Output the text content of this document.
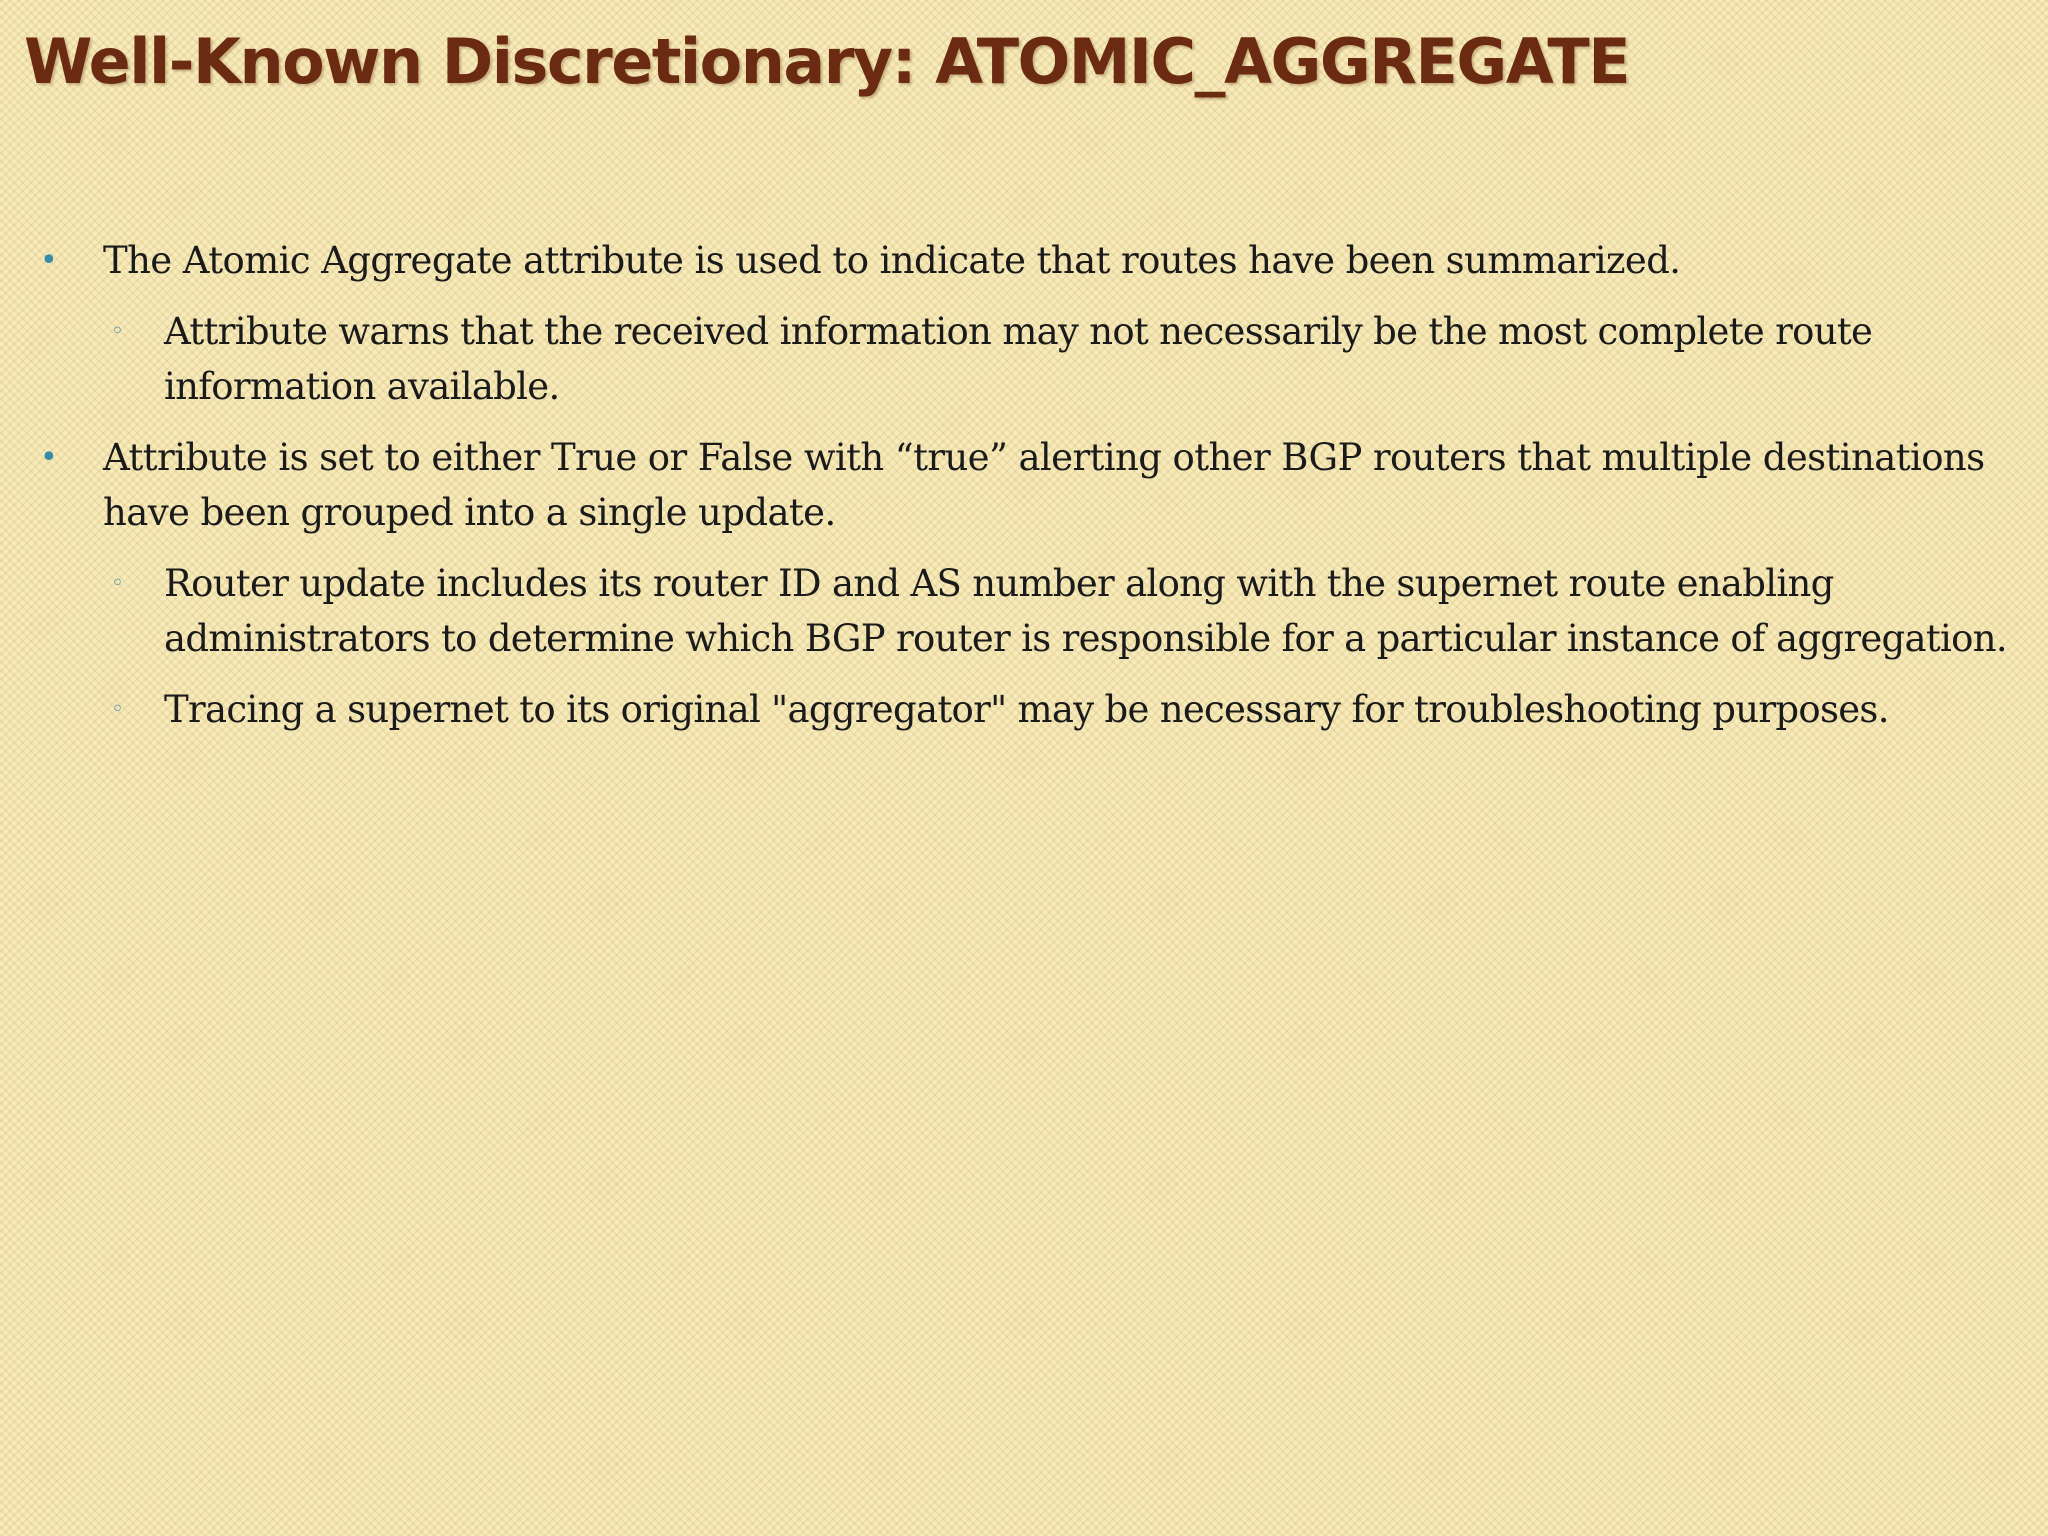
Well-Known Discretionary: ATOMIC_AGGREGATE
• The Atomic Aggregate attribute is used to indicate that routes have been summarized.
◦ Attribute warns that the received information may not necessarily be the most complete route information available.
• Attribute is set to either True or False with “true” alerting other BGP routers that multiple destinations have been grouped into a single update.
◦ Router update includes its router ID and AS number along with the supernet route enabling administrators to determine which BGP router is responsible for a particular instance of aggregation.
◦ Tracing a supernet to its original "aggregator" may be necessary for troubleshooting purposes.
